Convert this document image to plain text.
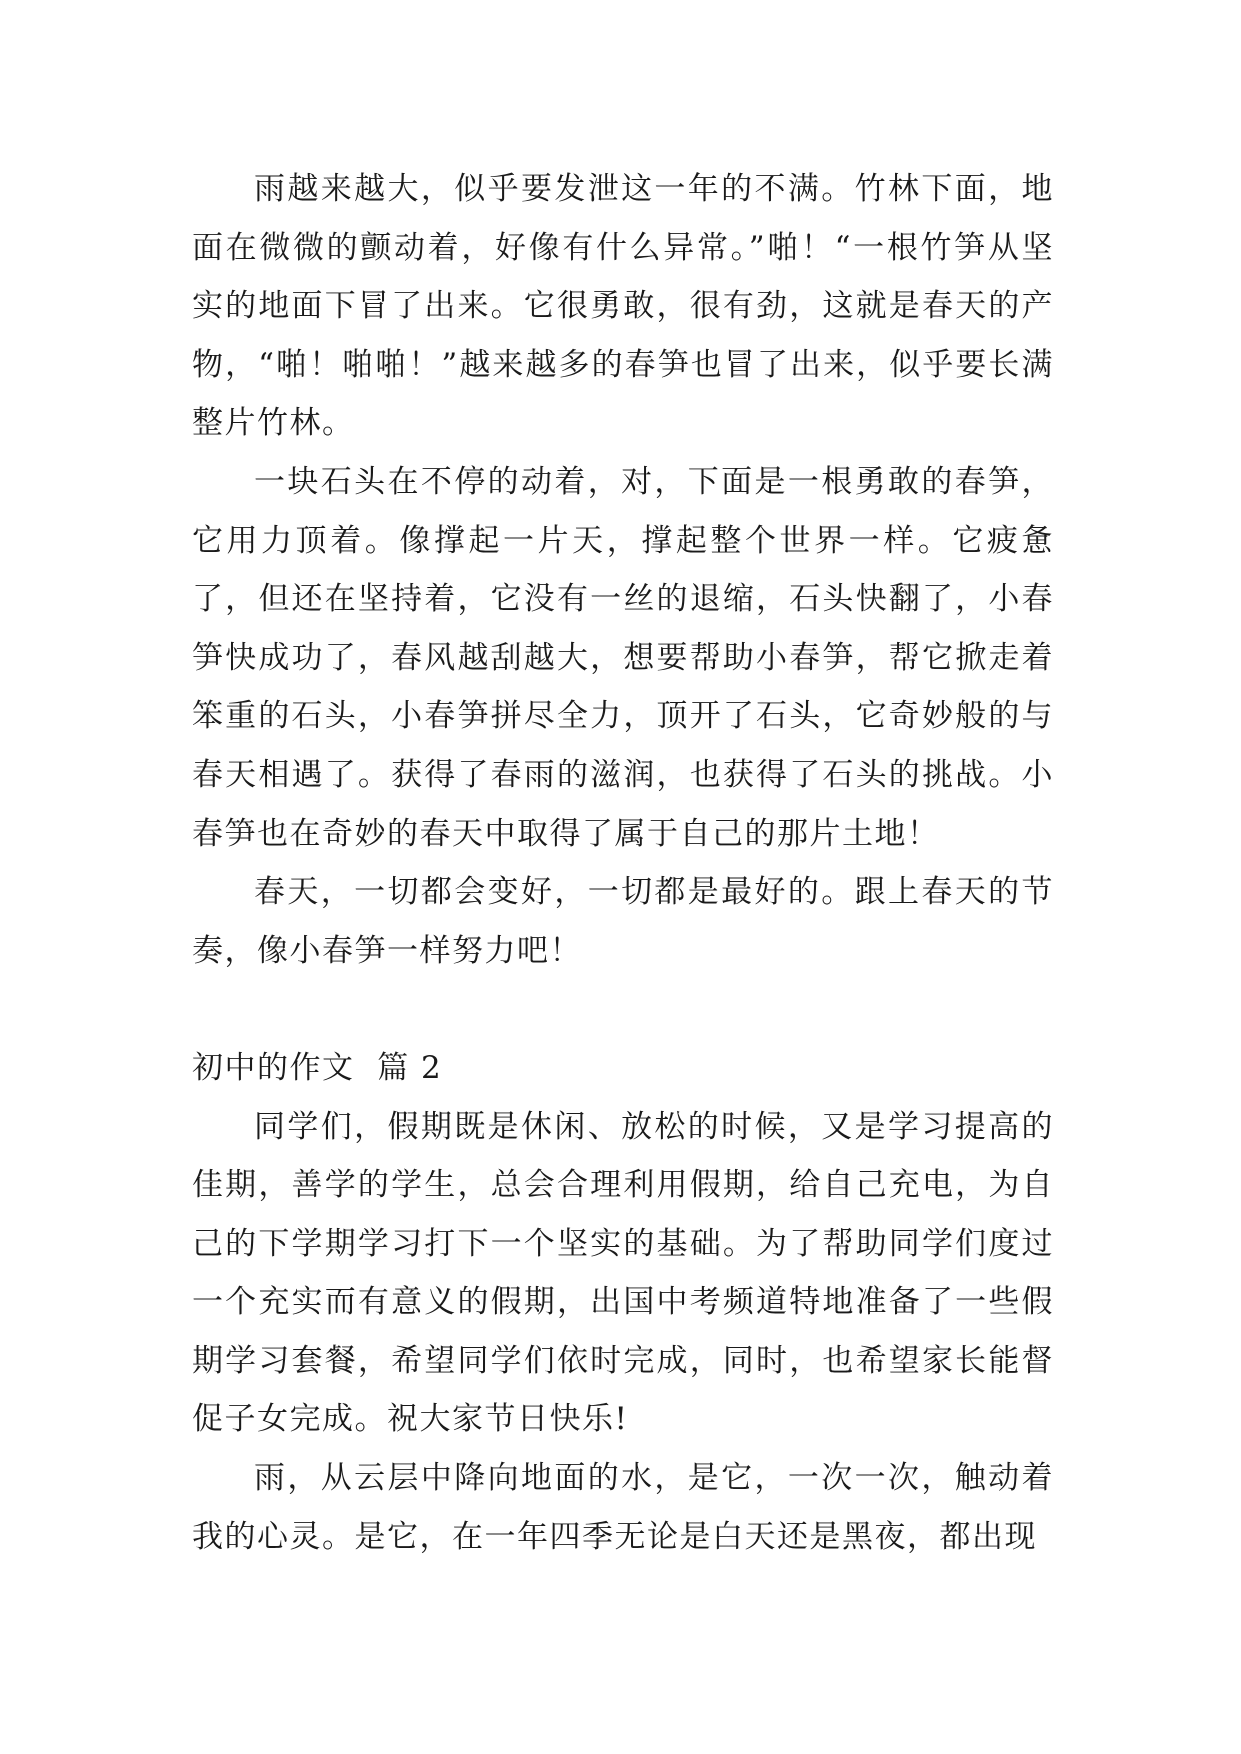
雨越来越大，似乎要发泄这一年的不满。竹林下面，地面在微微的颤动着，好像有什么异常。”啪！“一根竹笋从坚实的地面下冒了出来。它很勇敢，很有劲，这就是春天的产物，“啪！啪啪！”越来越多的春笋也冒了出来，似乎要长满整片竹林。

一块石头在不停的动着，对，下面是一根勇敢的春笋，它用力顶着。像撑起一片天，撑起整个世界一样。它疲惫了，但还在坚持着，它没有一丝的退缩，石头快翻了，小春笋快成功了，春风越刮越大，想要帮助小春笋，帮它掀走着笨重的石头，小春笋拼尽全力，顶开了石头，它奇妙般的与春天相遇了。获得了春雨的滋润，也获得了石头的挑战。小春笋也在奇妙的春天中取得了属于自己的那片土地！

春天，一切都会变好，一切都是最好的。跟上春天的节奏，像小春笋一样努力吧！

初中的作文  篇 2

同学们，假期既是休闲、放松的时候，又是学习提高的佳期，善学的学生，总会合理利用假期，给自己充电，为自己的下学期学习打下一个坚实的基础。为了帮助同学们度过一个充实而有意义的假期，出国中考频道特地准备了一些假期学习套餐，希望同学们依时完成，同时，也希望家长能督促子女完成。祝大家节日快乐!

雨，从云层中降向地面的水，是它，一次一次，触动着我的心灵。是它，在一年四季无论是白天还是黑夜，都出现
